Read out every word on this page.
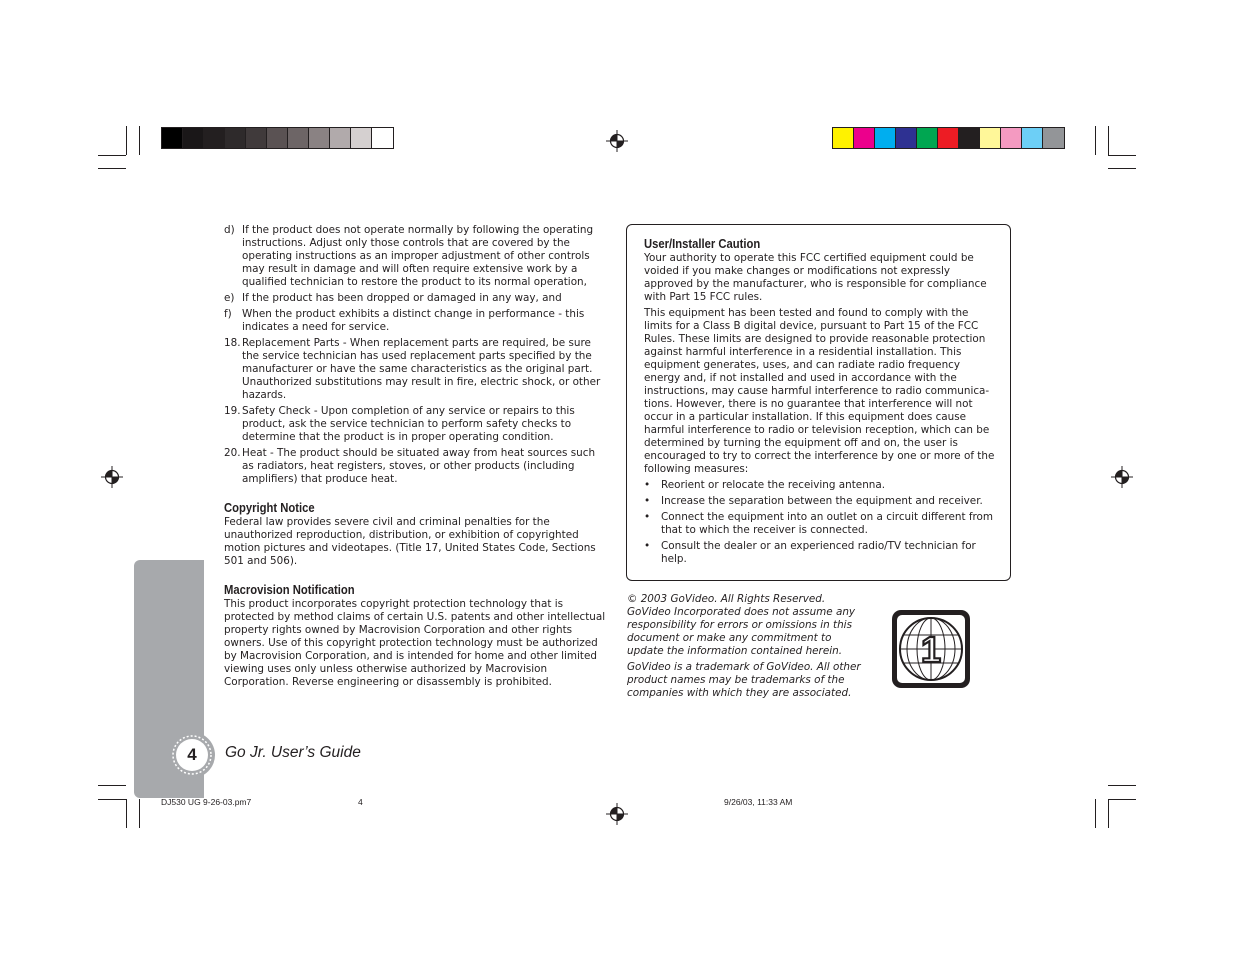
d) If the product does not operate normally by following the operating instructions. Adjust only those controls that are covered by the operating instructions as an improper adjustment of other controls may result in damage and will often require extensive work by a qualified technician to restore the product to its normal operation,
e) If the product has been dropped or damaged in any way, and
f) When the product exhibits a distinct change in performance - this indicates a need for service.
18. Replacement Parts - When replacement parts are required, be sure the service technician has used replacement parts specified by the manufacturer or have the same characteristics as the original part. Unauthorized substitutions may result in fire, electric shock, or other hazards.
19. Safety Check - Upon completion of any service or repairs to this product, ask the service technician to perform safety checks to determine that the product is in proper operating condition.
20. Heat - The product should be situated away from heat sources such as radiators, heat registers, stoves, or other products (including amplifiers) that produce heat.
Copyright Notice

Federal law provides severe civil and criminal penalties for the unauthorized reproduction, distribution, or exhibition of copyrighted motion pictures and videotapes. (Title 17, United States Code, Sections 501 and 506).

Macrovision Notification

This product incorporates copyright protection technology that is protected by method claims of certain U.S. patents and other intellectual property rights owned by Macrovision Corporation and other rights owners. Use of this copyright protection technology must be authorized by Macrovision Corporation, and is intended for home and other limited viewing uses only unless otherwise authorized by Macrovision Corporation. Reverse engineering or disassembly is prohibited.

User/Installer Caution

Your authority to operate this FCC certified equipment could be voided if you make changes or modifications not expressly approved by the manufacturer, who is responsible for compliance with Part 15 FCC rules.

This equipment has been tested and found to comply with the limits for a Class B digital device, pursuant to Part 15 of the FCC Rules. These limits are designed to provide reasonable protection against harmful interference in a residential installation. This equipment generates, uses, and can radiate radio frequency energy and, if not installed and used in accordance with the instructions, may cause harmful interference to radio communica-tions. However, there is no guarantee that interference will not occur in a particular installation. If this equipment does cause harmful interference to radio or television reception, which can be determined by turning the equipment off and on, the user is encouraged to try to correct the interference by one or more of the following measures:

• Reorient or relocate the receiving antenna.
• Increase the separation between the equipment and receiver.
• Connect the equipment into an outlet on a circuit different from that to which the receiver is connected.
• Consult the dealer or an experienced radio/TV technician for help.

© 2003 GoVideo. All Rights Reserved. GoVideo Incorporated does not assume any responsibility for errors or omissions in this document or make any commitment to update the information contained herein.

GoVideo is a trademark of GoVideo. All other product names may be trademarks of the companies with which they are associated.

1
4	Go Jr. User’s Guide
DJ530 UG 9-26-03.pm7	4	9/26/03, 11:33 AM
